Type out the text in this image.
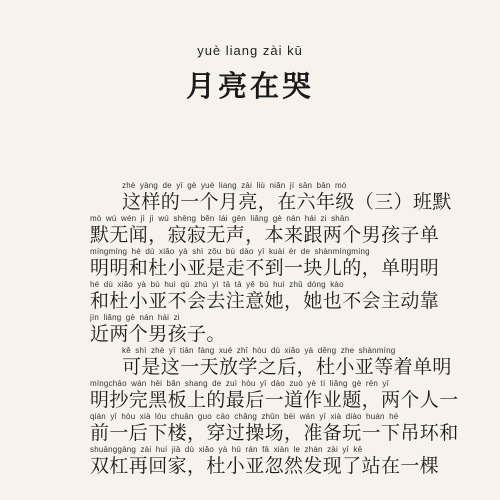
yuè liang zài kū
月亮在哭
zhè yàng de yī gè yuè liang zài liù niǎn jí sān bān mò
这样的一个月亮，在六年级（三）班默
mò wú wén jì jì wú shēng běn lái gēn liǎng gè nán hái zi shān
默无闻，寂寂无声，本来跟两个男孩子单
míngmíng hé dù xiǎo yà shì zǒu bù dào yī kuài ér de shànmíngmíng
明明和杜小亚是走不到一块儿的，单明明
hé dù xiǎo yà bù huì qù zhù yì tā tā yě bù huì zhǔ dòng kào
和杜小亚不会去注意她，她也不会主动靠
jìn liǎng gè nán hái zi
近两个男孩子。
kě shì zhè yī tiān fàng xué zhī hòu dù xiǎo yà děng zhe shànmíng
可是这一天放学之后，杜小亚等着单明
míngchāo wán hēi bǎn shang de zuì hòu yī dào zuò yè tí liǎng gè rén yī
明抄完黑板上的最后一道作业题，两个人一
qián yī hòu xià lóu chuān guo cāo chǎng zhǔn bèi wán yī xià diào huán hé
前一后下楼，穿过操场，准备玩一下吊环和
shuānggàng zài huí jiā dù xiǎo yà hū rán fā xiàn le zhàn zài yī kē
双杠再回家，杜小亚忽然发现了站在一棵
